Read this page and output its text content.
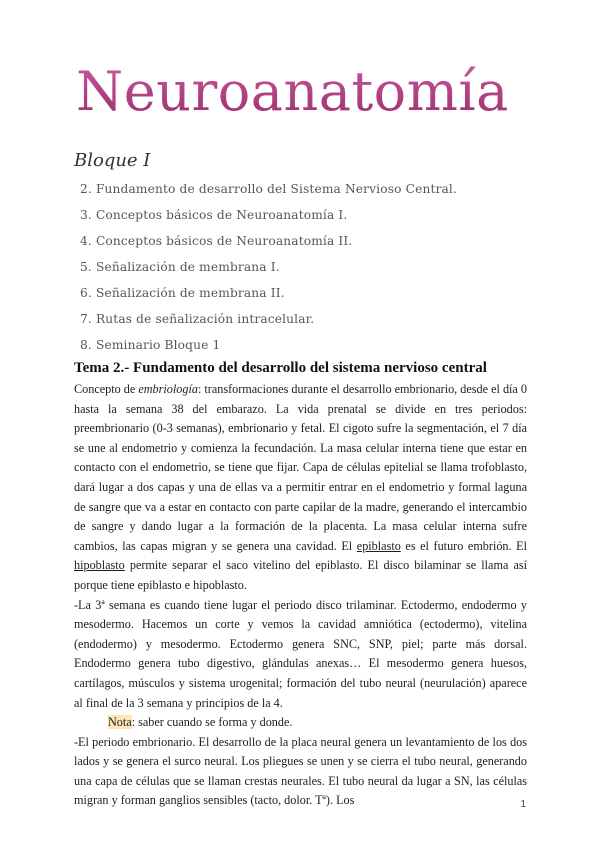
Neuroanatomía
Bloque I
2. Fundamento de desarrollo del Sistema Nervioso Central.
3. Conceptos básicos de Neuroanatomía I.
4. Conceptos básicos de Neuroanatomía II.
5. Señalización de membrana I.
6. Señalización de membrana II.
7. Rutas de señalización intracelular.
8. Seminario Bloque 1
Tema 2.- Fundamento del desarrollo del sistema nervioso central

Concepto de embriología: transformaciones durante el desarrollo embrionario, desde el día 0 hasta la semana 38 del embarazo. La vida prenatal se divide en tres periodos: preembrionario (0-3 semanas), embrionario y fetal. El cigoto sufre la segmentación, el 7 día se une al endometrio y comienza la fecundación. La masa celular interna tiene que estar en contacto con el endometrio, se tiene que fijar. Capa de células epitelial se llama trofoblasto, dará lugar a dos capas y una de ellas va a permitir entrar en el endometrio y formal laguna de sangre que va a estar en contacto con parte capilar de la madre, generando el intercambio de sangre y dando lugar a la formación de la placenta. La masa celular interna sufre cambios, las capas migran y se genera una cavidad. El epiblasto es el futuro embrión. El hipoblasto permite separar el saco vitelino del epiblasto. El disco bilaminar se llama así porque tiene epiblasto e hipoblasto.

-La 3ª semana es cuando tiene lugar el periodo disco trilaminar. Ectodermo, endodermo y mesodermo. Hacemos un corte y vemos la cavidad amniótica (ectodermo), vitelina (endodermo) y mesodermo. Ectodermo genera SNC, SNP, piel; parte más dorsal. Endodermo genera tubo digestivo, glándulas anexas… El mesodermo genera huesos, cartílagos, músculos y sistema urogenital; formación del tubo neural (neurulación) aparece al final de la 3 semana y principios de la 4.

Nota: saber cuando se forma y donde.

-El periodo embrionario. El desarrollo de la placa neural genera un levantamiento de los dos lados y se genera el surco neural. Los pliegues se unen y se cierra el tubo neural, generando una capa de células que se llaman crestas neurales. El tubo neural da lugar a SN, las células migran y forman ganglios sensibles (tacto, dolor. Tª). Los	1
